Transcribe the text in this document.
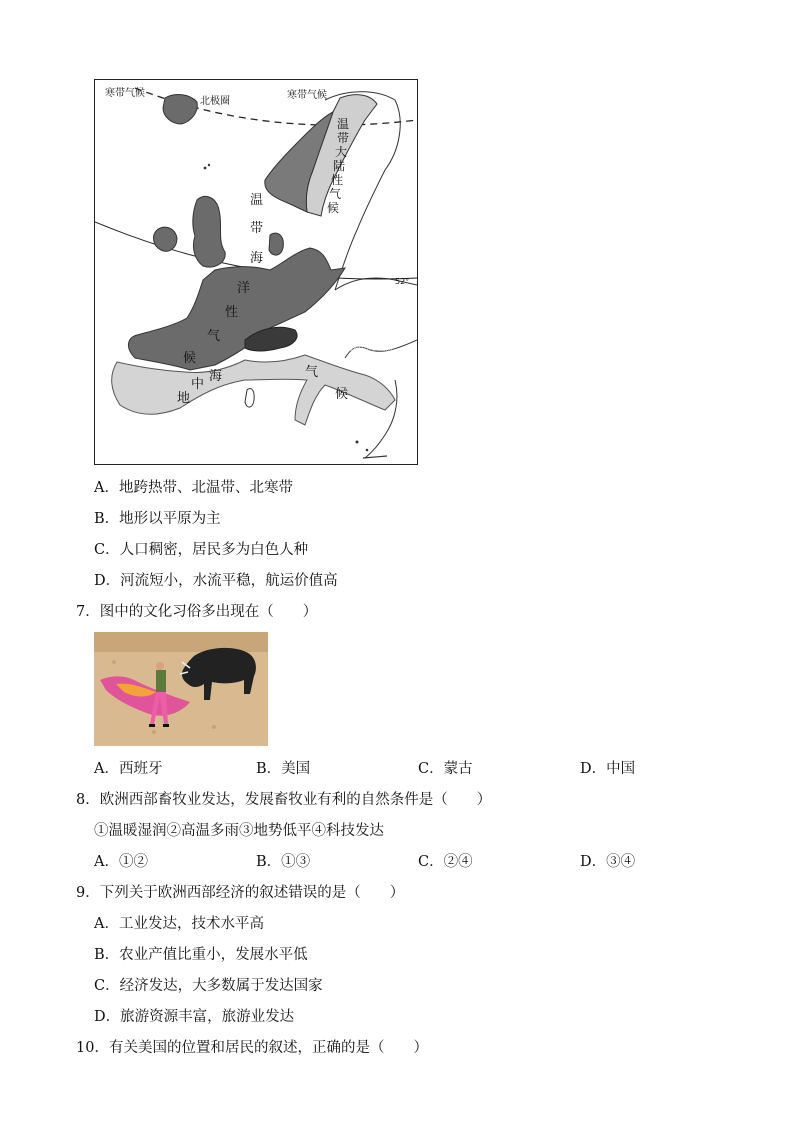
寒带气候	寒带气候
北极圈
52°
高原山地气候
温
带
大
陆
性
气
候
温
带
海
洋
性
气
候
地
中
海	气
候
A．地跨热带、北温带、北寒带
B．地形以平原为主
C．人口稠密，居民多为白色人种
D．河流短小，水流平稳，航运价值高
7．图中的文化习俗多出现在（　　）
A．西班牙	B．美国	C．蒙古	D．中国
8．欧洲西部畜牧业发达，发展畜牧业有利的自然条件是（　　）
①温暖湿润②高温多雨③地势低平④科技发达
A．①②	B．①③	C．②④	D．③④
9．下列关于欧洲西部经济的叙述错误的是（　　）
A．工业发达，技术水平高
B．农业产值比重小，发展水平低
C．经济发达，大多数属于发达国家
D．旅游资源丰富，旅游业发达
10．有关美国的位置和居民的叙述，正确的是（　　）
